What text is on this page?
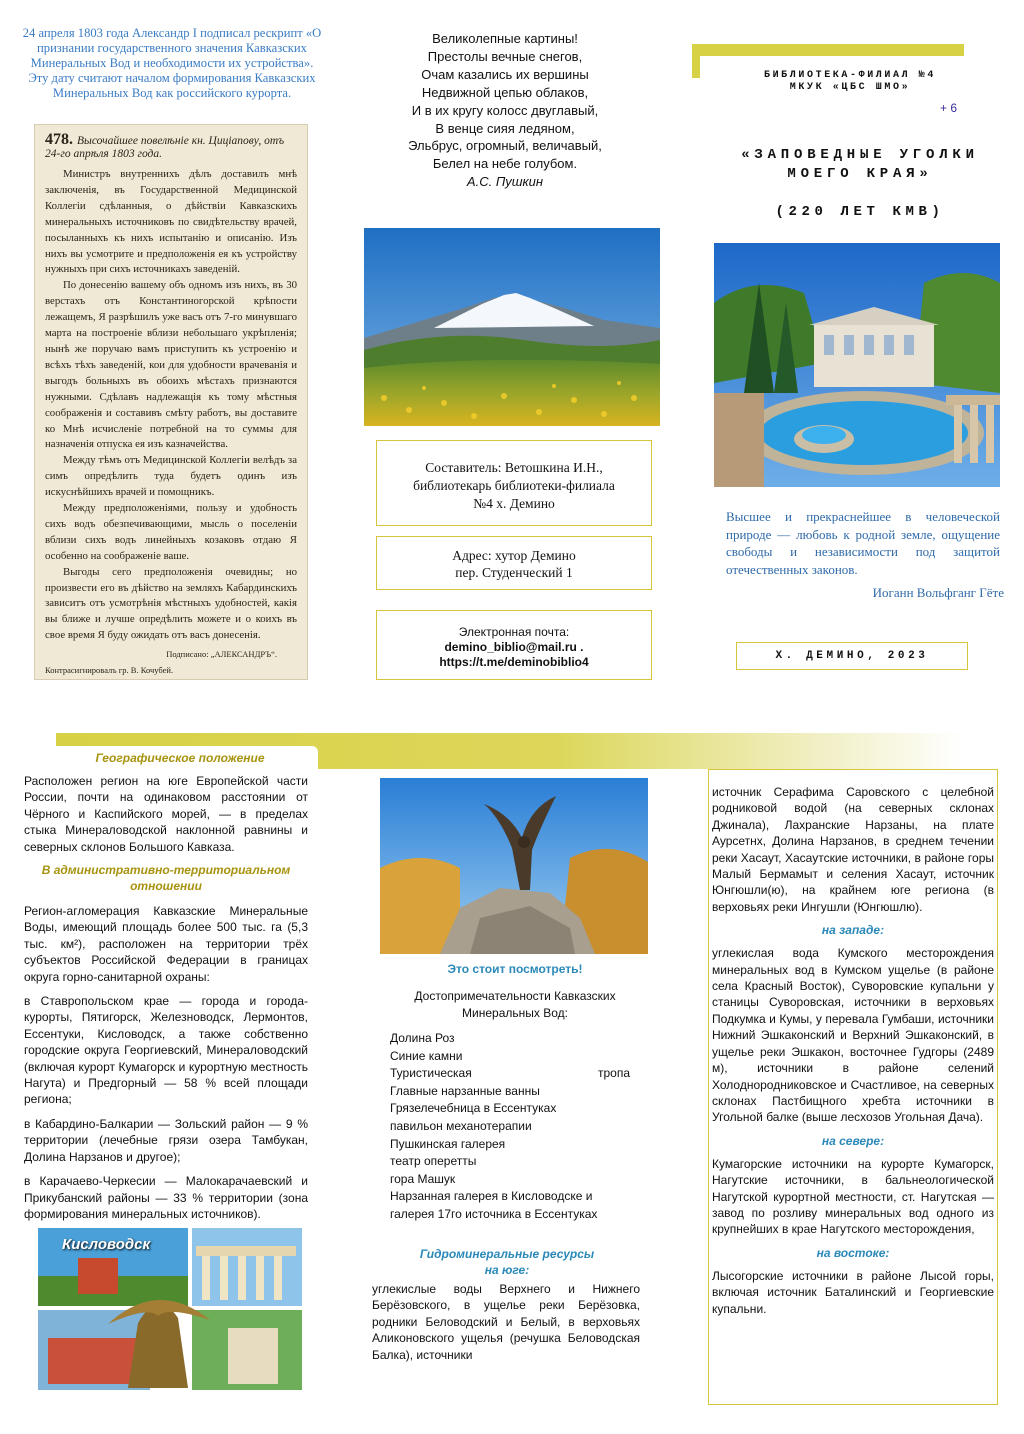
24 апреля 1803 года Александр I подписал рескрипт «О признании государственного значения Кавказских Минеральных Вод и необходимости их устройства». Эту дату считают началом формирования Кавказских Минеральных Вод как российского курорта.
478. Высочайшее повелѣніе кн. Цицianову, отъ 24-го апрѣля 1803 года.

Министръ внутреннихъ дѣлъ доставилъ мнѣ заключенія, въ Государственной Медицинской Коллегіи сдѣланныя, о дѣйствіи Кавказскихъ минеральныхъ источниковъ по свидѣтельству врачей, посыланныхъ къ нихъ испытанію и описанію. Изъ нихъ вы усмотрите и предположенія ея къ устройству нужныхъ при сихъ источникахъ заведеній.

По донесенію вашему объ одномъ изъ нихъ, въ 30 верстахъ отъ Константиногорской крѣпости лежащемъ, Я разрѣшилъ уже васъ отъ 7-го минувшаго марта на построеніе вблизи небольшаго укрѣпленія; нынѣ же поручаю вамъ приступить къ устроенію и всѣхъ тѣхъ заведеній, кои для удобности врачеванія и выгодъ больныхъ въ обоихъ мѣстахъ признаются нужными. Сдѣлавъ надлежащія къ тому мѣстныя соображенія и составивъ смѣту работъ, вы доставите ко Мнѣ исчисленіе потребной на то суммы для назначенія отпуска ея изъ казначейства.

Между тѣмъ отъ Медицинской Коллегіи велѣдъ за симъ опредѣлить туда будетъ одинъ изъ искуснѣйшихъ врачей и помощникъ.

Между предположеніями, пользу и удобность сихъ водъ обезпечивающими, мысль о поселеніи вблизи сихъ водъ линейныхъ козаковъ отдаю Я особенно на соображеніе ваше.

Выгоды сего предположенія очевидны; но произвести его въ дѣйство на земляхъ Кабардинскихъ зависитъ отъ усмотрѣнія мѣстныхъ удобностей, какія вы ближе и лучше опредѣлить можете и о коихъ въ свое время Я буду ожидать отъ васъ донесенія.

Подписано: „АЛЕКСАНДРЪ“.
Контрасигнировалъ гр. В. Кочубей.
Великолепные картины!
Престолы вечные снегов,
Очам казались их вершины
Недвижной цепью облаков,
И в их кругу колосс двуглавый,
В венце сияя ледяном,
Эльбрус, огромный, величавый,
Белел на небе голубом.
А.С. Пушкин
Составитель: Ветошкина И.Н.,
библиотекарь библиотеки-филиала
№4 х. Демино
Адрес: хутор Демино
пер. Студенческий 1
Электронная почта:
demino_biblio@mail.ru .
https://t.me/deminobiblio4
БИБЛИОТЕКА-ФИЛИАЛ №4
МКУК «ЦБС ШМО»
+ 6
«ЗАПОВЕДНЫЕ УГОЛКИ
МОЕГО КРАЯ»
(220 ЛЕТ КМВ)
Высшее и прекраснейшее в человеческой природе — любовь к родной земле, ощущение свободы и независимости под защитой отечественных законов.
Иоганн Вольфганг Гёте
Х. ДЕМИНО, 2023
Географическое положение
Расположен регион на юге Европейской части России, почти на одинаковом расстоянии от Чёрного и Каспийского морей, — в пределах стыка Минераловодской наклонной равнины и северных склонов Большого Кавказа.
В административно-территориальном отношении

Регион-агломерация Кавказские Минеральные Воды, имеющий площадь более 500 тыс. га (5,3 тыс. км²), расположен на территории трёх субъектов Российской Федерации в границах округа горно-санитарной охраны:

в Ставропольском крае — города и города-курорты, Пятигорск, Железноводск, Лермонтов, Ессентуки, Кисловодск, а также собственно городские округа Георгиевский, Минераловодский (включая курорт Кумагорск и курортную местность Нагута) и Предгорный — 58 % всей площади региона;

в Кабардино-Балкарии — Зольский район — 9 % территории (лечебные грязи озера Тамбукан, Долина Нарзанов и другое);

в Карачаево-Черкесии — Малокарачаевский и Прикубанский районы — 33 % территории (зона формирования минеральных источников).

Кисловодск
Это стоит посмотреть!
Достопримечательности Кавказских Минеральных Вод:
Долина Роз
Синие камни
Туристическая	тропа
Главные нарзанные ванны
Грязелечебница в Ессентуках
павильон механотерапии
Пушкинская галерея
театр оперетты
гора Машук
Нарзанная галерея в Кисловодске и галерея 17го источника в Ессентуках
Гидроминеральные ресурсы
на юге:
углекислые воды Верхнего и Нижнего Берёзовского, в ущелье реки Берёзовка, родники Беловодский и Белый, в верховьях Аликоновского ущелья (речушка Беловодская Балка), источники

источник Серафима Саровского с целебной родниковой водой (на северных склонах Джинала), Лахранские Нарзаны, на плате Аурсетнх, Долина Нарзанов, в среднем течении реки Хасаут, Хасаутские источники, в районе горы Малый Бермамыт и селения Хасаут, источник Юнгюшли(ю), на крайнем юге региона (в верховьях реки Ингушли (Юнгюшлю).

на западе:

углекислая вода Кумского месторождения минеральных вод в Кумском ущелье (в районе села Красный Восток), Суворовские купальни у станицы Суворовская, источники в верховьях Подкумка и Кумы, у перевала Гумбаши, источники Нижний Эшкаконский и Верхний Эшкаконский, в ущелье реки Эшкакон, восточнее Гудгоры (2489 м), источники в районе селений Холоднородниковское и Счастливое, на северных склонах Пастбищного хребта источники в Угольной балке (выше лесхозов Угольная Дача).

на севере:

Кумагорские источники на курорте Кумагорск, Нагутские источники, в бальнеологической Нагутской курортной местности, ст. Нагутская — завод по розливу минеральных вод одного из крупнейших в крае Нагутского месторождения,

на востоке:

Лысогорские источники в районе Лысой горы, включая источник Баталинский и Георгиевские купальни.
